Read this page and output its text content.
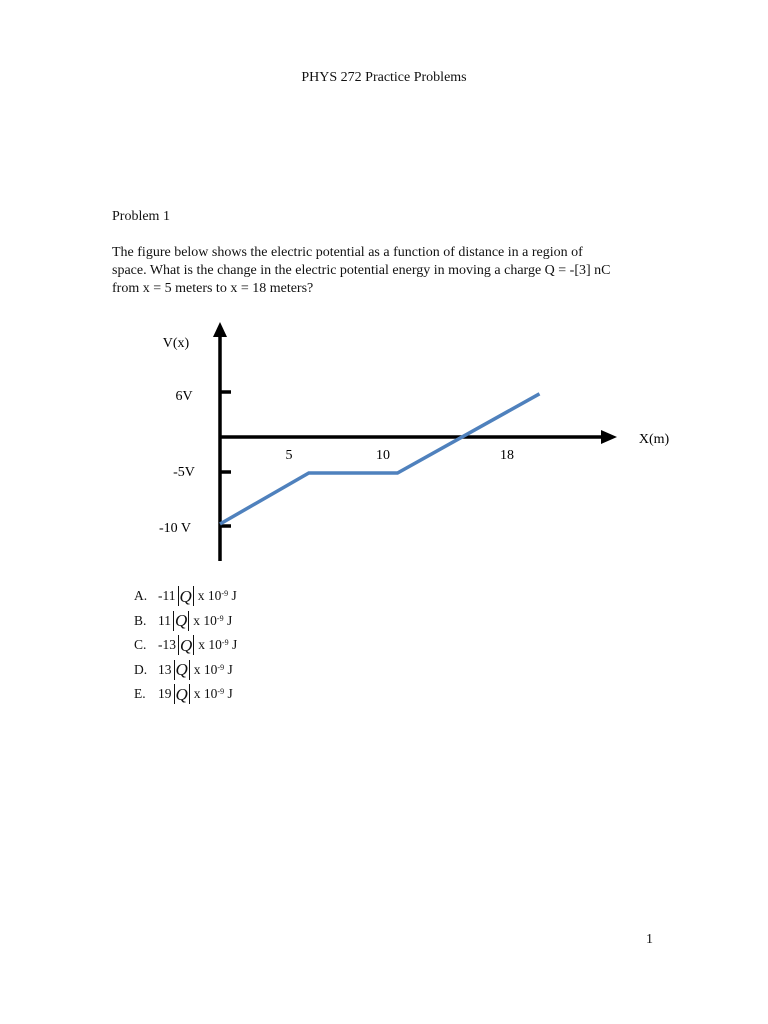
PHYS 272 Practice Problems
Problem 1
The figure below shows the electric potential as a function of distance in a region of
space. What is the change in the electric potential energy in moving a charge Q = -[3] nC
from x = 5 meters to x = 18 meters?
V(x)
X(m)
6V
-5V
-10 V
5	10	18
A. -11 Q x $10^{-9}$
J
B. 11 Q x $10^{-9}$
J
C. -13 Q x $10^{-9}$
J
D. 13 Q x $10^{-9}$
J
E. 19 Q x $10^{-9}$
J
1
